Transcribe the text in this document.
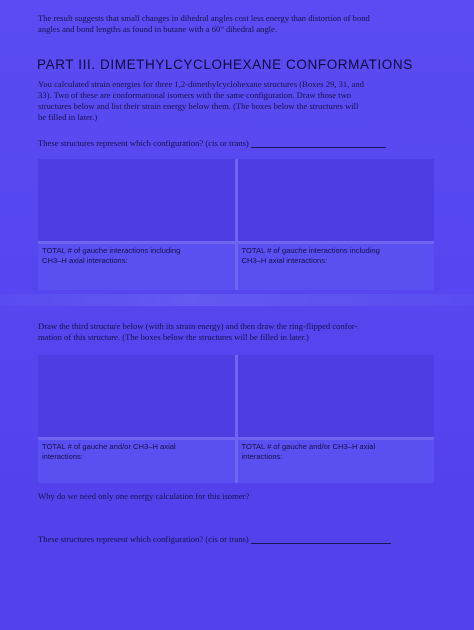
The result suggests that small changes in dihedral angles cost less energy than distortion of bond
angles and bond lengths as found in butane with a 60° dihedral angle.
PART III. DIMETHYLCYCLOHEXANE CONFORMATIONS
You calculated strain energies for three 1,2-dimethylcyclohexane structures (Boxes 29, 31, and
33). Two of these are conformational isomers with the same configuration. Draw those two
structures below and list their strain energy below them. (The boxes below the structures will
be filled in later.)
These structures represent which configuration? (cis or trans)
TOTAL # of gauche interactions including
CH3–H axial interactions:
TOTAL # of gauche interactions including
CH3–H axial interactions:
Draw the third structure below (with its strain energy) and then draw the ring-flipped confor-
mation of this structure. (The boxes below the structures will be filled in later.)
TOTAL # of gauche and/or CH3–H axial
interactions:
TOTAL # of gauche and/or CH3–H axial
interactions:
Why do we need only one energy calculation for this isomer?
These structures represent which configuration? (cis or trans)
